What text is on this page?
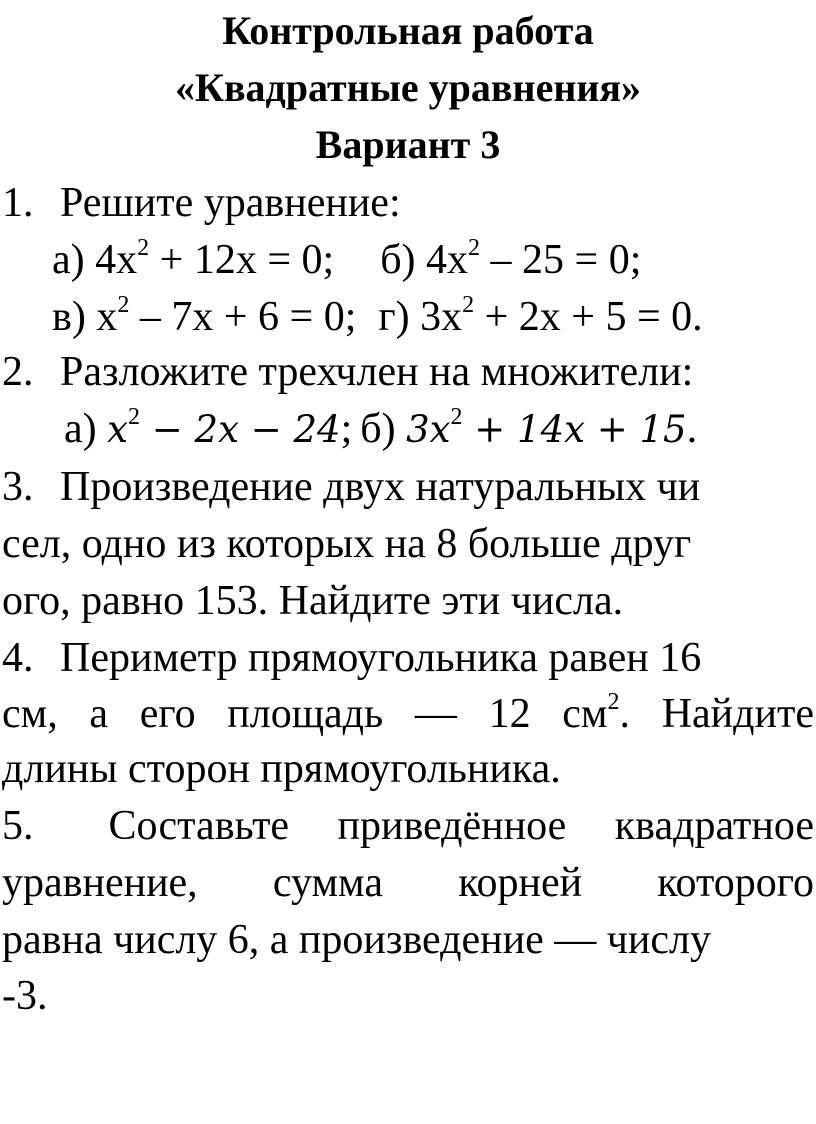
Контрольная работа
«Квадратные уравнения»
Вариант 3
1. Решите уравнение:
а) $4x^2 + 12x = 0$; б) $4x^2 - 25 = 0$;
в) $x^2 - 7x + 6 = 0$; г) $3x^2 + 2x + 5 = 0$.
2. Разложите трехчлен на множители:
а) $x^2 - 2x - 24$; б) $3x^2 + 14x + 15$.
3. Произведение двух натуральных чи
сел, одно из которых на 8 больше друг
ого, равно 153. Найдите эти числа.
4. Периметр прямоугольника равен 16
см, а его площадь — 12 $см^2$. Найдите
длины сторон прямоугольника.
5. Составьте приведённое квадратное
уравнение, сумма корней которого
равна числу 6, а произведение — числу
-3.
